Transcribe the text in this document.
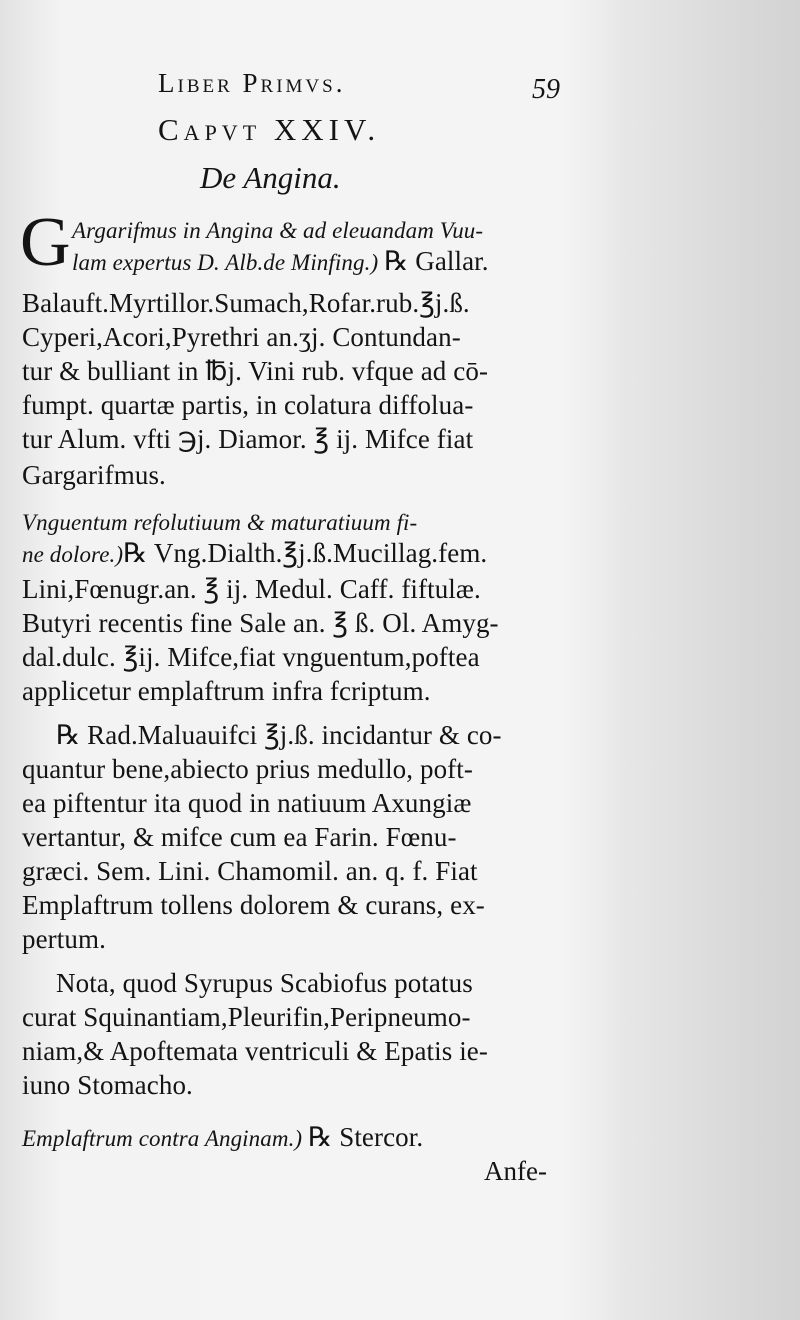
Liber Primvs.	59
Capvt XXIV.
De Angina.
G Argarifmus in Angina & ad eleuandam Vuu-
lam expertus D. Alb.de Minfing.) ℞ Gallar.
Balauft.Myrtillor.Sumach,Rofar.rub.℥j.ß.
Cyperi,Acori,Pyrethri an.ʒj. Contundan-
tur & bulliant in ℔j. Vini rub. vfque ad cō-
fumpt. quartæ partis, in colatura diffolua-
tur Alum. vfti ℈j. Diamor. ℥ ij. Mifce fiat
Gargarifmus.
Vnguentum refolutiuum & maturatiuum fi-
ne dolore.)℞ Vng.Dialth.℥j.ß.Mucillag.fem.
Lini,Fœnugr.an. ℥ ij. Medul. Caff. fiftulæ.
Butyri recentis fine Sale an. ℥ ß. Ol. Amyg-
dal.dulc. ℥ij. Mifce,fiat vnguentum,poftea
applicetur emplaftrum infra fcriptum.
℞ Rad.Maluauifci ℥j.ß. incidantur & co-
quantur bene,abiecto prius medullo, poft-
ea piftentur ita quod in natiuum Axungiæ
vertantur, & mifce cum ea Farin. Fœnu-
græci. Sem. Lini. Chamomil. an. q. f. Fiat
Emplaftrum tollens dolorem & curans, ex-
pertum.
Nota, quod Syrupus Scabiofus potatus
curat Squinantiam,Pleurifin,Peripneumo-
niam,& Apoftemata ventriculi & Epatis ie-
iuno Stomacho.
Emplaftrum contra Anginam.) ℞ Stercor.
Anfe-
